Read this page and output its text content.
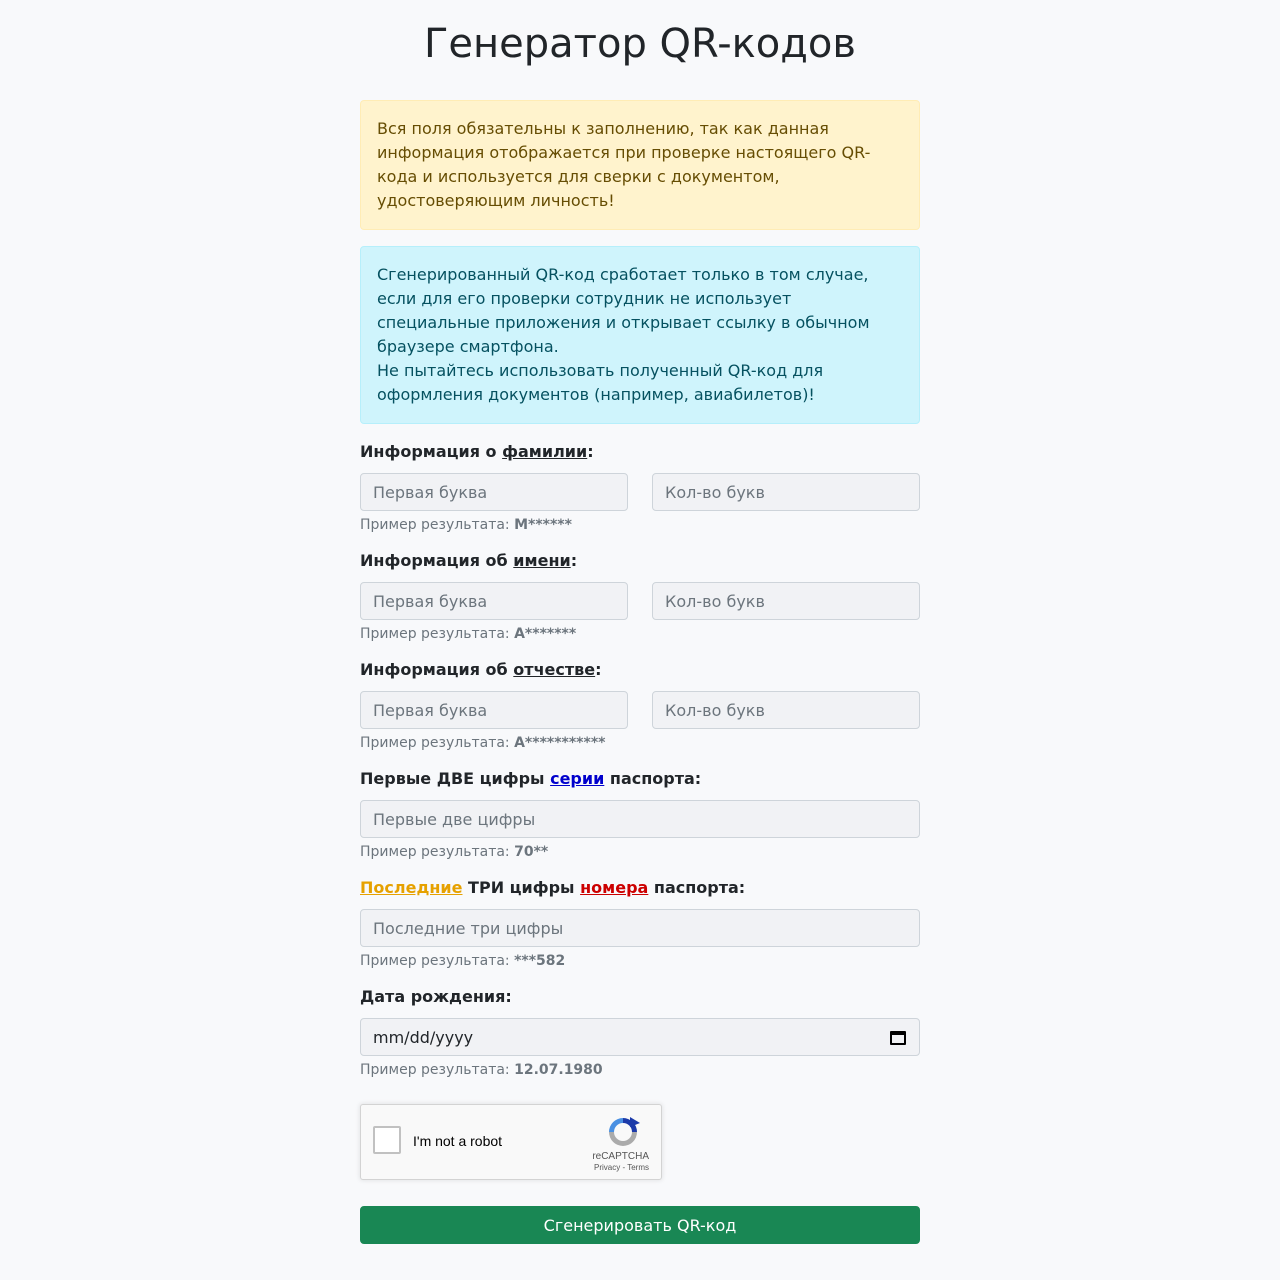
Генератор QR-кодов

Вся поля обязательны к заполнению, так как данная информация отображается при проверке настоящего QR-кода и используется для сверки с документом, удостоверяющим личность!

Сгенерированный QR-код сработает только в том случае, если для его проверки сотрудник не использует специальные приложения и открывает ссылку в обычном браузере смартфона.

Не пытайтесь использовать полученный QR-код для оформления документов (например, авиабилетов)!

Информация о фамилии:
Первая буква
Кол-во букв
Пример результата: М******
Информация об имени:
Первая буква
Кол-во букв
Пример результата: А*******
Информация об отчестве:
Первая буква
Кол-во букв
Пример результата: А***********
Первые ДВЕ цифры серии паспорта:
Первые две цифры
Пример результата: 70**
Последние ТРИ цифры номера паспорта:
Последние три цифры
Пример результата: ***582
Дата рождения:
mm/dd/yyyy
Пример результата: 12.07.1980
I'm not a robot
reCAPTCHA
Privacy - Terms
Сгенерировать QR-код
